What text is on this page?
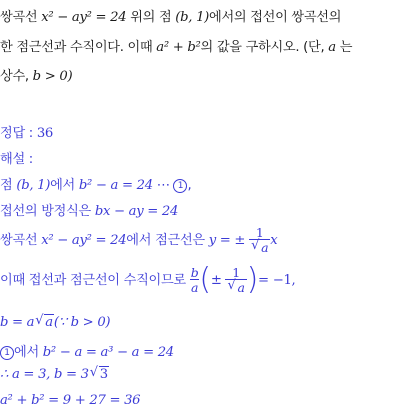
쌍곡선 x² − ay² = 24 위의 점 (b, 1)에서의 접선이 쌍곡선의
한 점근선과 수직이다. 이때 a² + b²의 값을 구하시오. (단, a 는
상수, b > 0)
정답 : 36
해설 :
점 (b, 1)에서 b² − a = 24 ⋯ 1 ,
접선의 방정식은 bx − ay = 24
쌍곡선 x² − ay² = 24에서 점근선은 y = ± $\frac{1}{√ a}$ x
이때 접선과 점근선이 수직이므로 $\frac{b}{a}$ (± $\frac{1}{√ a}$ )= −1,
b = a √ a(∵ b > 0)
1 에서 b² − a = a³ − a = 24
∴ a = 3, b = 3 √ 3
a² + b² = 9 + 27 = 36
